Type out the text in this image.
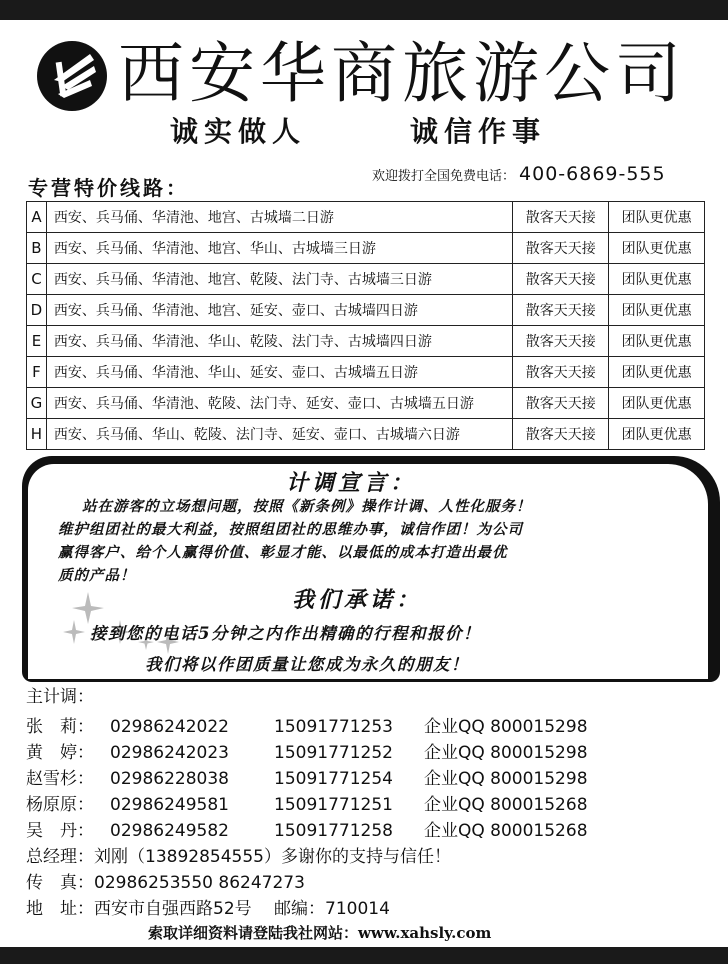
西安华商旅游公司
诚实做人	诚信作事
专营特价线路：	欢迎拨打全国免费电话： 400-6869-555
A	西安、兵马俑、华清池、地宫、古城墙二日游	散客天天接	团队更优惠
B	西安、兵马俑、华清池、地宫、华山、古城墙三日游	散客天天接	团队更优惠
C	西安、兵马俑、华清池、地宫、乾陵、法门寺、古城墙三日游	散客天天接	团队更优惠
D	西安、兵马俑、华清池、地宫、延安、壶口、古城墙四日游	散客天天接	团队更优惠
E	西安、兵马俑、华清池、华山、乾陵、法门寺、古城墙四日游	散客天天接	团队更优惠
F	西安、兵马俑、华清池、华山、延安、壶口、古城墙五日游	散客天天接	团队更优惠
G	西安、兵马俑、华清池、乾陵、法门寺、延安、壶口、古城墙五日游	散客天天接	团队更优惠
H	西安、兵马俑、华山、乾陵、法门寺、延安、壶口、古城墙六日游	散客天天接	团队更优惠
计调宣言：
站在游客的立场想问题，按照《新条例》操作计调、人性化服务！
维护组团社的最大利益，按照组团社的思维办事，诚信作团！为公司
赢得客户、给个人赢得价值、彰显才能、以最低的成本打造出最优
质的产品！
我们承诺：
接到您的电话5分钟之内作出精确的行程和报价！
我们将以作团质量让您成为永久的朋友！
主计调：
张　莉： 02986242022	15091771253 企业QQ 800015298
黄　婷： 02986242023	15091771252 企业QQ 800015298
赵雪杉： 02986228038	15091771254 企业QQ 800015298
杨原原： 02986249581	15091771251 企业QQ 800015268
吴　丹： 02986249582	15091771258 企业QQ 800015268
总经理：刘刚（13892854555）多谢你的支持与信任！
传　真：02986253550 86247273
地　址：西安市自强西路52号　 邮编：710014
索取详细资料请登陆我社网站：www.xahsly.com
